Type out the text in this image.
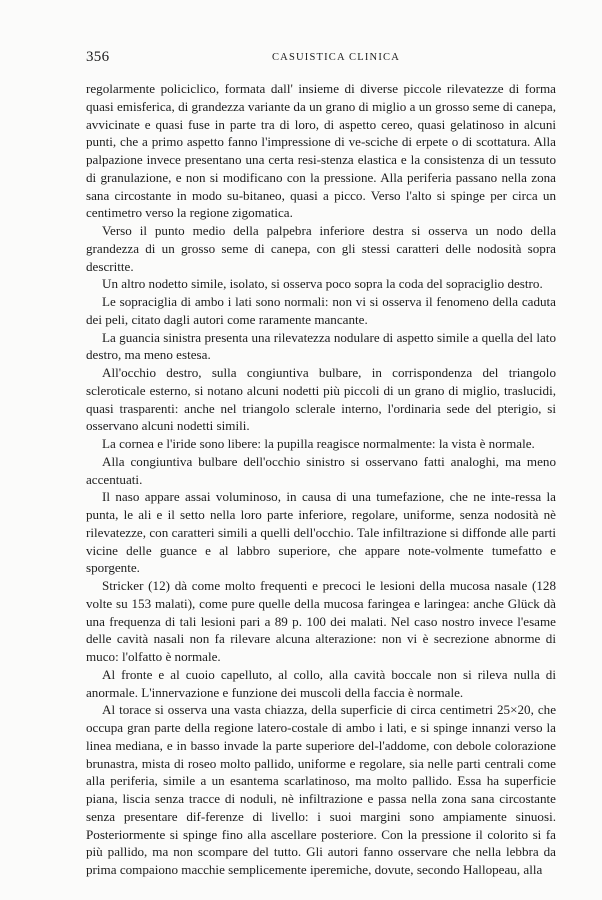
356	CASUISTICA CLINICA

regolarmente policiclico, formata dall' insieme di diverse piccole rilevatezze di forma quasi emisferica, di grandezza variante da un grano di miglio a un grosso seme di canepa, avvicinate e quasi fuse in parte tra di loro, di aspetto cereo, quasi gelatinoso in alcuni punti, che a primo aspetto fanno l'impressione di ve-sciche di erpete o di scottatura. Alla palpazione invece presentano una certa resi-stenza elastica e la consistenza di un tessuto di granulazione, e non si modificano con la pressione. Alla periferia passano nella zona sana circostante in modo su-bitaneo, quasi a picco. Verso l'alto si spinge per circa un centimetro verso la regione zigomatica.

Verso il punto medio della palpebra inferiore destra si osserva un nodo della grandezza di un grosso seme di canepa, con gli stessi caratteri delle nodosità sopra descritte.

Un altro nodetto simile, isolato, si osserva poco sopra la coda del sopraciglio destro.

Le sopraciglia di ambo i lati sono normali: non vi si osserva il fenomeno della caduta dei peli, citato dagli autori come raramente mancante.

La guancia sinistra presenta una rilevatezza nodulare di aspetto simile a quella del lato destro, ma meno estesa.

All'occhio destro, sulla congiuntiva bulbare, in corrispondenza del triangolo scleroticale esterno, si notano alcuni nodetti più piccoli di un grano di miglio, traslucidi, quasi trasparenti: anche nel triangolo sclerale interno, l'ordinaria sede del pterigio, si osservano alcuni nodetti simili.

La cornea e l'iride sono libere: la pupilla reagisce normalmente: la vista è normale.

Alla congiuntiva bulbare dell'occhio sinistro si osservano fatti analoghi, ma meno accentuati.

Il naso appare assai voluminoso, in causa di una tumefazione, che ne inte-ressa la punta, le ali e il setto nella loro parte inferiore, regolare, uniforme, senza nodosità nè rilevatezze, con caratteri simili a quelli dell'occhio. Tale infiltrazione si diffonde alle parti vicine delle guance e al labbro superiore, che appare note-volmente tumefatto e sporgente.

Stricker (12) dà come molto frequenti e precoci le lesioni della mucosa nasale (128 volte su 153 malati), come pure quelle della mucosa faringea e laringea: anche Glück dà una frequenza di tali lesioni pari a 89 p. 100 dei malati. Nel caso nostro invece l'esame delle cavità nasali non fa rilevare alcuna alterazione: non vi è secrezione abnorme di muco: l'olfatto è normale.

Al fronte e al cuoio capelluto, al collo, alla cavità boccale non si rileva nulla di anormale. L'innervazione e funzione dei muscoli della faccia è normale.

Al torace si osserva una vasta chiazza, della superficie di circa centimetri 25×20, che occupa gran parte della regione latero-costale di ambo i lati, e si spinge innanzi verso la linea mediana, e in basso invade la parte superiore del-l'addome, con debole colorazione brunastra, mista di roseo molto pallido, uniforme e regolare, sia nelle parti centrali come alla periferia, simile a un esantema scarlatinoso, ma molto pallido. Essa ha superficie piana, liscia senza tracce di noduli, nè infiltrazione e passa nella zona sana circostante senza presentare dif-ferenze di livello: i suoi margini sono ampiamente sinuosi. Posteriormente si spinge fino alla ascellare posteriore. Con la pressione il colorito si fa più pallido, ma non scompare del tutto. Gli autori fanno osservare che nella lebbra da prima compaiono macchie semplicemente iperemiche, dovute, secondo Hallopeau, alla
